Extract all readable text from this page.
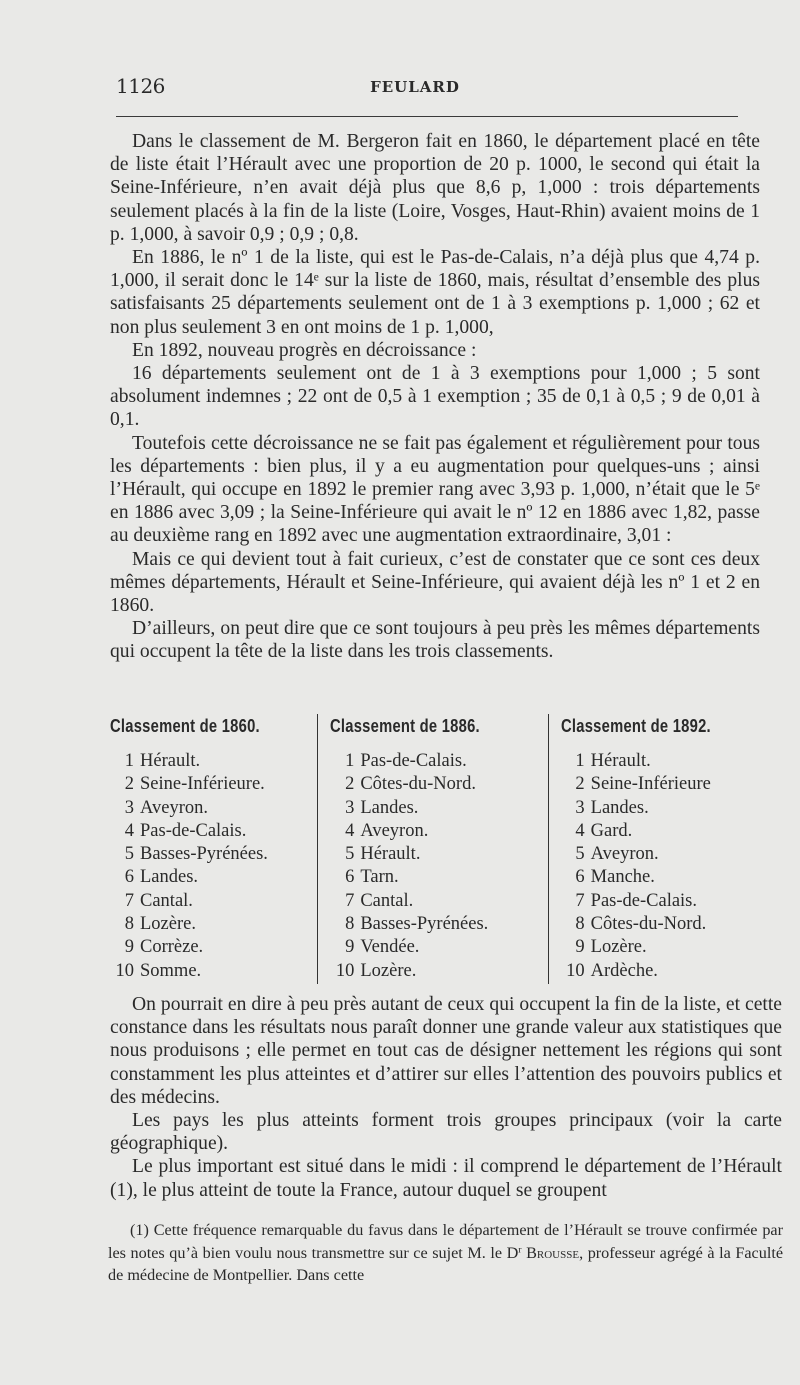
1126	FEULARD

Dans le classement de M. Bergeron fait en 1860, le département placé en tête de liste était l’Hérault avec une proportion de 20 p. 1000, le second qui était la Seine-Inférieure, n’en avait déjà plus que 8,6 p, 1,000 : trois départements seulement placés à la fin de la liste (Loire, Vosges, Haut-Rhin) avaient moins de 1 p. 1,000, à savoir 0,9 ; 0,9 ; 0,8.

En 1886, le nº 1 de la liste, qui est le Pas-de-Calais, n’a déjà plus que 4,74 p. 1,000, il serait donc le 14ᵉ sur la liste de 1860, mais, résultat d’ensemble des plus satisfaisants 25 départements seulement ont de 1 à 3 exemptions p. 1,000 ; 62 et non plus seulement 3 en ont moins de 1 p. 1,000,

En 1892, nouveau progrès en décroissance :

16 départements seulement ont de 1 à 3 exemptions pour 1,000 ; 5 sont absolument indemnes ; 22 ont de 0,5 à 1 exemption ; 35 de 0,1 à 0,5 ; 9 de 0,01 à 0,1.

Toutefois cette décroissance ne se fait pas également et régulièrement pour tous les départements : bien plus, il y a eu augmentation pour quelques-uns ; ainsi l’Hérault, qui occupe en 1892 le premier rang avec 3,93 p. 1,000, n’était que le 5ᵉ en 1886 avec 3,09 ; la Seine-Inférieure qui avait le nº 12 en 1886 avec 1,82, passe au deuxième rang en 1892 avec une augmentation extraordinaire, 3,01 :

Mais ce qui devient tout à fait curieux, c’est de constater que ce sont ces deux mêmes départements, Hérault et Seine-Inférieure, qui avaient déjà les nº 1 et 2 en 1860.

D’ailleurs, on peut dire que ce sont toujours à peu près les mêmes départements qui occupent la tête de la liste dans les trois classements.

Classement de 1860.
1 Hérault.
2 Seine-Inférieure.
3 Aveyron.
4 Pas-de-Calais.
5 Basses-Pyrénées.
6 Landes.
7 Cantal.
8 Lozère.
9 Corrèze.
10 Somme.
Classement de 1886.
1 Pas-de-Calais.
2 Côtes-du-Nord.
3 Landes.
4 Aveyron.
5 Hérault.
6 Tarn.
7 Cantal.
8 Basses-Pyrénées.
9 Vendée.
10 Lozère.
Classement de 1892.
1 Hérault.
2 Seine-Inférieure
3 Landes.
4 Gard.
5 Aveyron.
6 Manche.
7 Pas-de-Calais.
8 Côtes-du-Nord.
9 Lozère.
10 Ardèche.

On pourrait en dire à peu près autant de ceux qui occupent la fin de la liste, et cette constance dans les résultats nous paraît donner une grande valeur aux statistiques que nous produisons ; elle permet en tout cas de désigner nettement les régions qui sont constamment les plus atteintes et d’attirer sur elles l’attention des pouvoirs publics et des médecins.

Les pays les plus atteints forment trois groupes principaux (voir la carte géographique).

Le plus important est situé dans le midi : il comprend le département de l’Hérault (1), le plus atteint de toute la France, autour duquel se groupent

(1) Cette fréquence remarquable du favus dans le département de l’Hérault se trouve confirmée par les notes qu’à bien voulu nous transmettre sur ce sujet M. le $D^r$ Brousse, professeur agrégé à la Faculté de médecine de Montpellier. Dans cette
